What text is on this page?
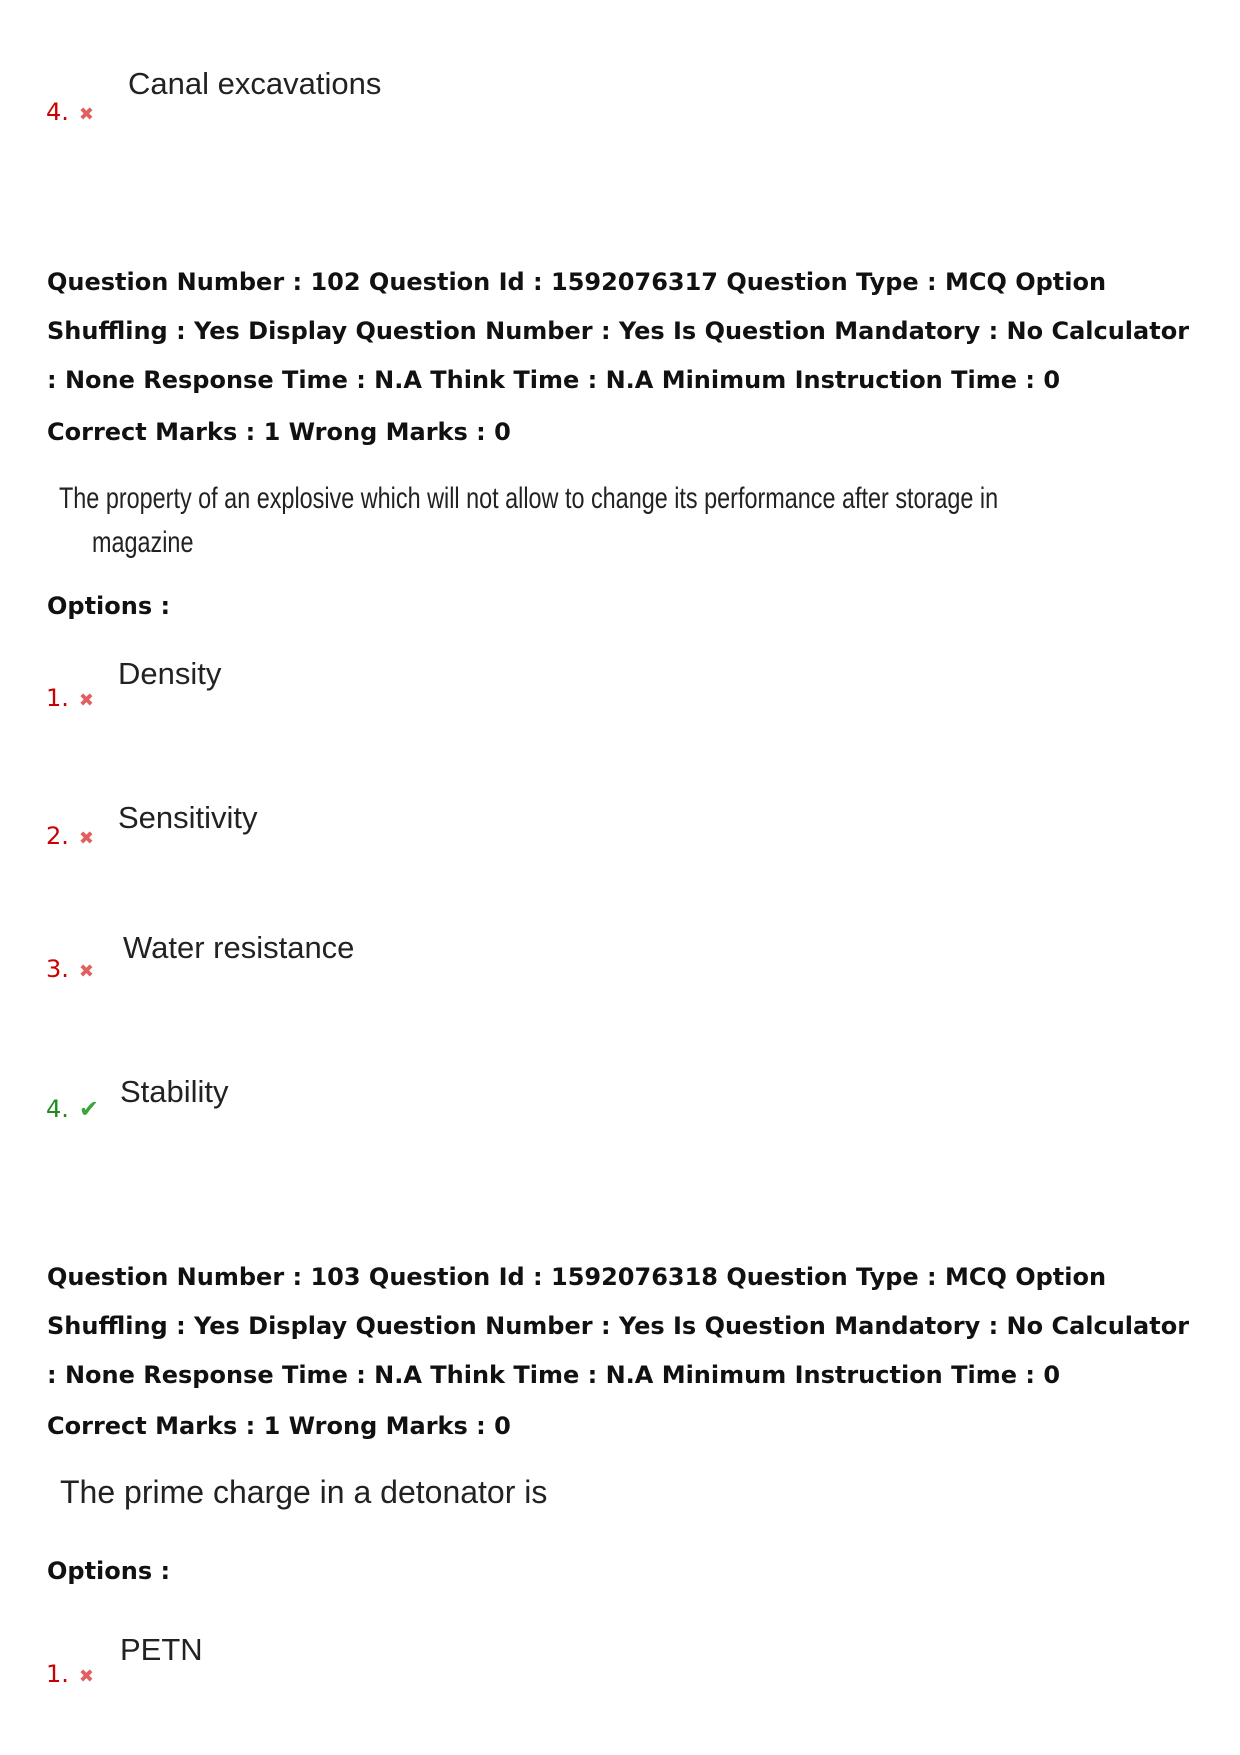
4. ✖
Canal excavations
Question Number : 102 Question Id : 1592076317 Question Type : MCQ Option Shuffling : Yes Display Question Number : Yes Is Question Mandatory : No Calculator : None Response Time : N.A Think Time : N.A Minimum Instruction Time : 0
Correct Marks : 1 Wrong Marks : 0
The property of an explosive which will not allow to change its performance after storage in
magazine
Options :
1. ✖
Density
2. ✖
Sensitivity
3. ✖
Water resistance
4. ✔ Stability
Question Number : 103 Question Id : 1592076318 Question Type : MCQ Option Shuffling : Yes Display Question Number : Yes Is Question Mandatory : No Calculator : None Response Time : N.A Think Time : N.A Minimum Instruction Time : 0
Correct Marks : 1 Wrong Marks : 0
The prime charge in a detonator is
Options :
1. ✖
PETN
